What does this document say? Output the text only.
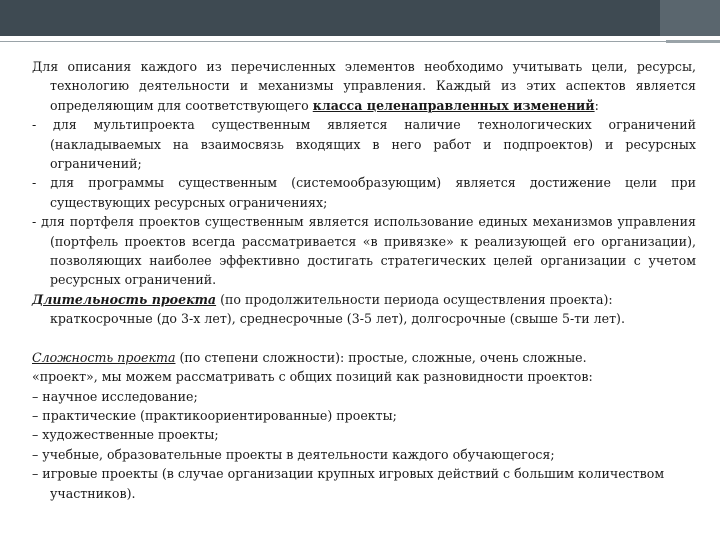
Для описания каждого из перечисленных элементов необходимо учитывать цели, ресурсы, технологию деятельности и механизмы управления. Каждый из этих аспектов является определяющим для соответствующего класса целенаправленных изменений:

- для мультипроекта существенным является наличие технологических ограничений (накладываемых на взаимосвязь входящих в него работ и подпроектов) и ресурсных ограничений;

- для программы существенным (системообразующим) является достижение цели при существующих ресурсных ограничениях;

- для портфеля проектов существенным является использование единых механизмов управления (портфель проектов всегда рассматривается «в привязке» к реализующей его организации), позволяющих наиболее эффективно достигать стратегических целей организации с учетом ресурсных ограничений.

Длительность проекта (по продолжительности периода осуществления проекта): краткосрочные (до 3-х лет), среднесрочные (3-5 лет), долгосрочные (свыше 5-ти лет).

Сложность проекта (по степени сложности): простые, сложные, очень сложные.

«проект», мы можем рассматривать с общих позиций как разновидности проектов:

– научное исследование;

– практические (практикоориентированные) проекты;

– художественные проекты;

– учебные, образовательные проекты в деятельности каждого обучающегося;

– игровые проекты (в случае организации крупных игровых действий с большим количеством участников).
